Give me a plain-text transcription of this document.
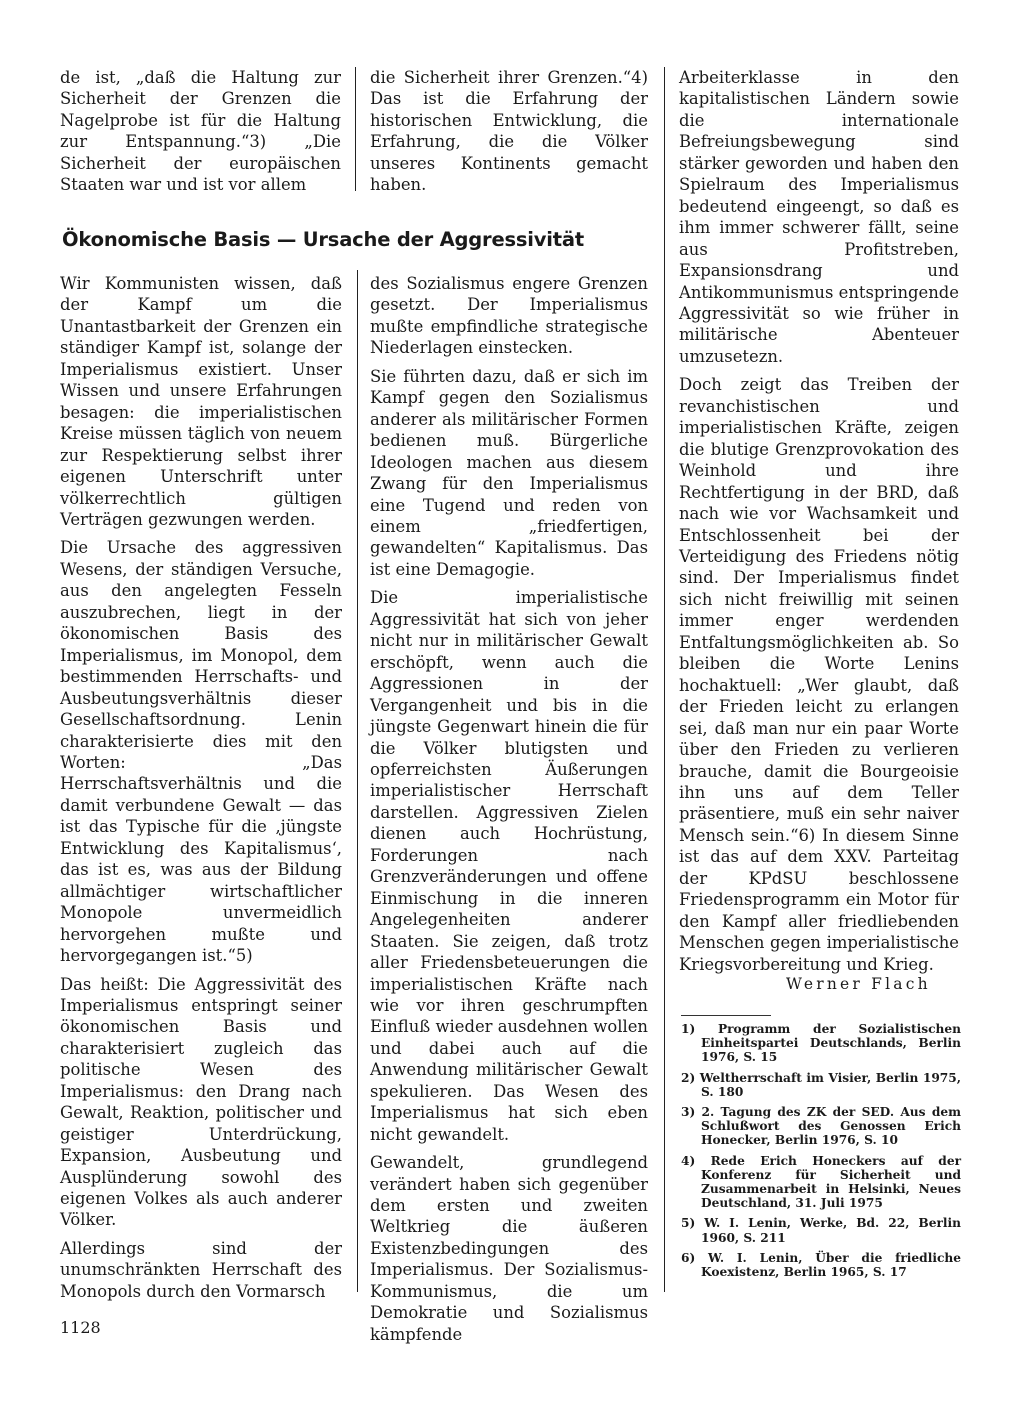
de ist, „daß die Haltung zur Sicherheit der Grenzen die Nagelprobe ist für die Haltung zur Entspannung.“3) „Die Sicherheit der europäischen Staaten war und ist vor allem

die Sicherheit ihrer Grenzen.“4) Das ist die Erfahrung der historischen Entwicklung, die Erfahrung, die die Völker unseres Kontinents gemacht haben.

Ökonomische Basis — Ursache der Aggressivität

Wir Kommunisten wissen, daß der Kampf um die Unantastbarkeit der Grenzen ein ständiger Kampf ist, solange der Imperialismus existiert. Unser Wissen und unsere Erfahrungen besagen: die imperialistischen Kreise müssen täglich von neuem zur Respektierung selbst ihrer eigenen Unterschrift unter völkerrechtlich gültigen Verträgen gezwungen werden.

Die Ursache des aggressiven Wesens, der ständigen Versuche, aus den angelegten Fesseln auszubrechen, liegt in der ökonomischen Basis des Imperialismus, im Monopol, dem bestimmenden Herrschafts- und Ausbeutungsverhältnis dieser Gesellschaftsordnung. Lenin charakterisierte dies mit den Worten: „Das Herrschaftsverhältnis und die damit verbundene Gewalt — das ist das Typische für die ‚jüngste Entwicklung des Kapitalismus‘, das ist es, was aus der Bildung allmächtiger wirtschaftlicher Monopole unvermeidlich hervorgehen mußte und hervorgegangen ist.“5)

Das heißt: Die Aggressivität des Imperialismus entspringt seiner ökonomischen Basis und charakterisiert zugleich das politische Wesen des Imperialismus: den Drang nach Gewalt, Reaktion, politischer und geistiger Unterdrückung, Expansion, Ausbeutung und Ausplünderung sowohl des eigenen Volkes als auch anderer Völker.

Allerdings sind der unumschränkten Herrschaft des Monopols durch den Vormarsch

des Sozialismus engere Grenzen gesetzt. Der Imperialismus mußte empfindliche strategische Niederlagen einstecken.

Sie führten dazu, daß er sich im Kampf gegen den Sozialismus anderer als militärischer Formen bedienen muß. Bürgerliche Ideologen machen aus diesem Zwang für den Imperialismus eine Tugend und reden von einem „friedfertigen, gewandelten“ Kapitalismus. Das ist eine Demagogie.

Die imperialistische Aggressivität hat sich von jeher nicht nur in militärischer Gewalt erschöpft, wenn auch die Aggressionen in der Vergangenheit und bis in die jüngste Gegenwart hinein die für die Völker blutigsten und opferreichsten Äußerungen imperialistischer Herrschaft darstellen. Aggressiven Zielen dienen auch Hochrüstung, Forderungen nach Grenzveränderungen und offene Einmischung in die inneren Angelegenheiten anderer Staaten. Sie zeigen, daß trotz aller Friedensbeteuerungen die imperialistischen Kräfte nach wie vor ihren geschrumpften Einfluß wieder ausdehnen wollen und dabei auch auf die Anwendung militärischer Gewalt spekulieren. Das Wesen des Imperialismus hat sich eben nicht gewandelt.

Gewandelt, grundlegend verändert haben sich gegenüber dem ersten und zweiten Weltkrieg die äußeren Existenzbedingungen des Imperialismus. Der Sozialismus-Kommunismus, die um Demokratie und Sozialismus kämpfende

Arbeiterklasse in den kapitalistischen Ländern sowie die internationale Befreiungsbewegung sind stärker geworden und haben den Spielraum des Imperialismus bedeutend eingeengt, so daß es ihm immer schwerer fällt, seine aus Profitstreben, Expansionsdrang und Antikommunismus entspringende Aggressivität so wie früher in militärische Abenteuer umzusetezn.

Doch zeigt das Treiben der revanchistischen und imperialistischen Kräfte, zeigen die blutige Grenzprovokation des Weinhold und ihre Rechtfertigung in der BRD, daß nach wie vor Wachsamkeit und Entschlossenheit bei der Verteidigung des Friedens nötig sind. Der Imperialismus findet sich nicht freiwillig mit seinen immer enger werdenden Entfaltungsmöglichkeiten ab. So bleiben die Worte Lenins hochaktuell: „Wer glaubt, daß der Frieden leicht zu erlangen sei, daß man nur ein paar Worte über den Frieden zu verlieren brauche, damit die Bourgeoisie ihn uns auf dem Teller präsentiere, muß ein sehr naiver Mensch sein.“6) In diesem Sinne ist das auf dem XXV. Parteitag der KPdSU beschlossene Friedensprogramm ein Motor für den Kampf aller friedliebenden Menschen gegen imperialistische Kriegsvorbereitung und Krieg.

Werner Flach

1) Programm der Sozialistischen Einheitspartei Deutschlands, Berlin 1976, S. 15

2) Weltherrschaft im Visier, Berlin 1975, S. 180

3) 2. Tagung des ZK der SED. Aus dem Schlußwort des Genossen Erich Honecker, Berlin 1976, S. 10

4) Rede Erich Honeckers auf der Konferenz für Sicherheit und Zusammenarbeit in Helsinki, Neues Deutschland, 31. Juli 1975

5) W. I. Lenin, Werke, Bd. 22, Berlin 1960, S. 211

6) W. I. Lenin, Über die friedliche Koexistenz, Berlin 1965, S. 17

1128
